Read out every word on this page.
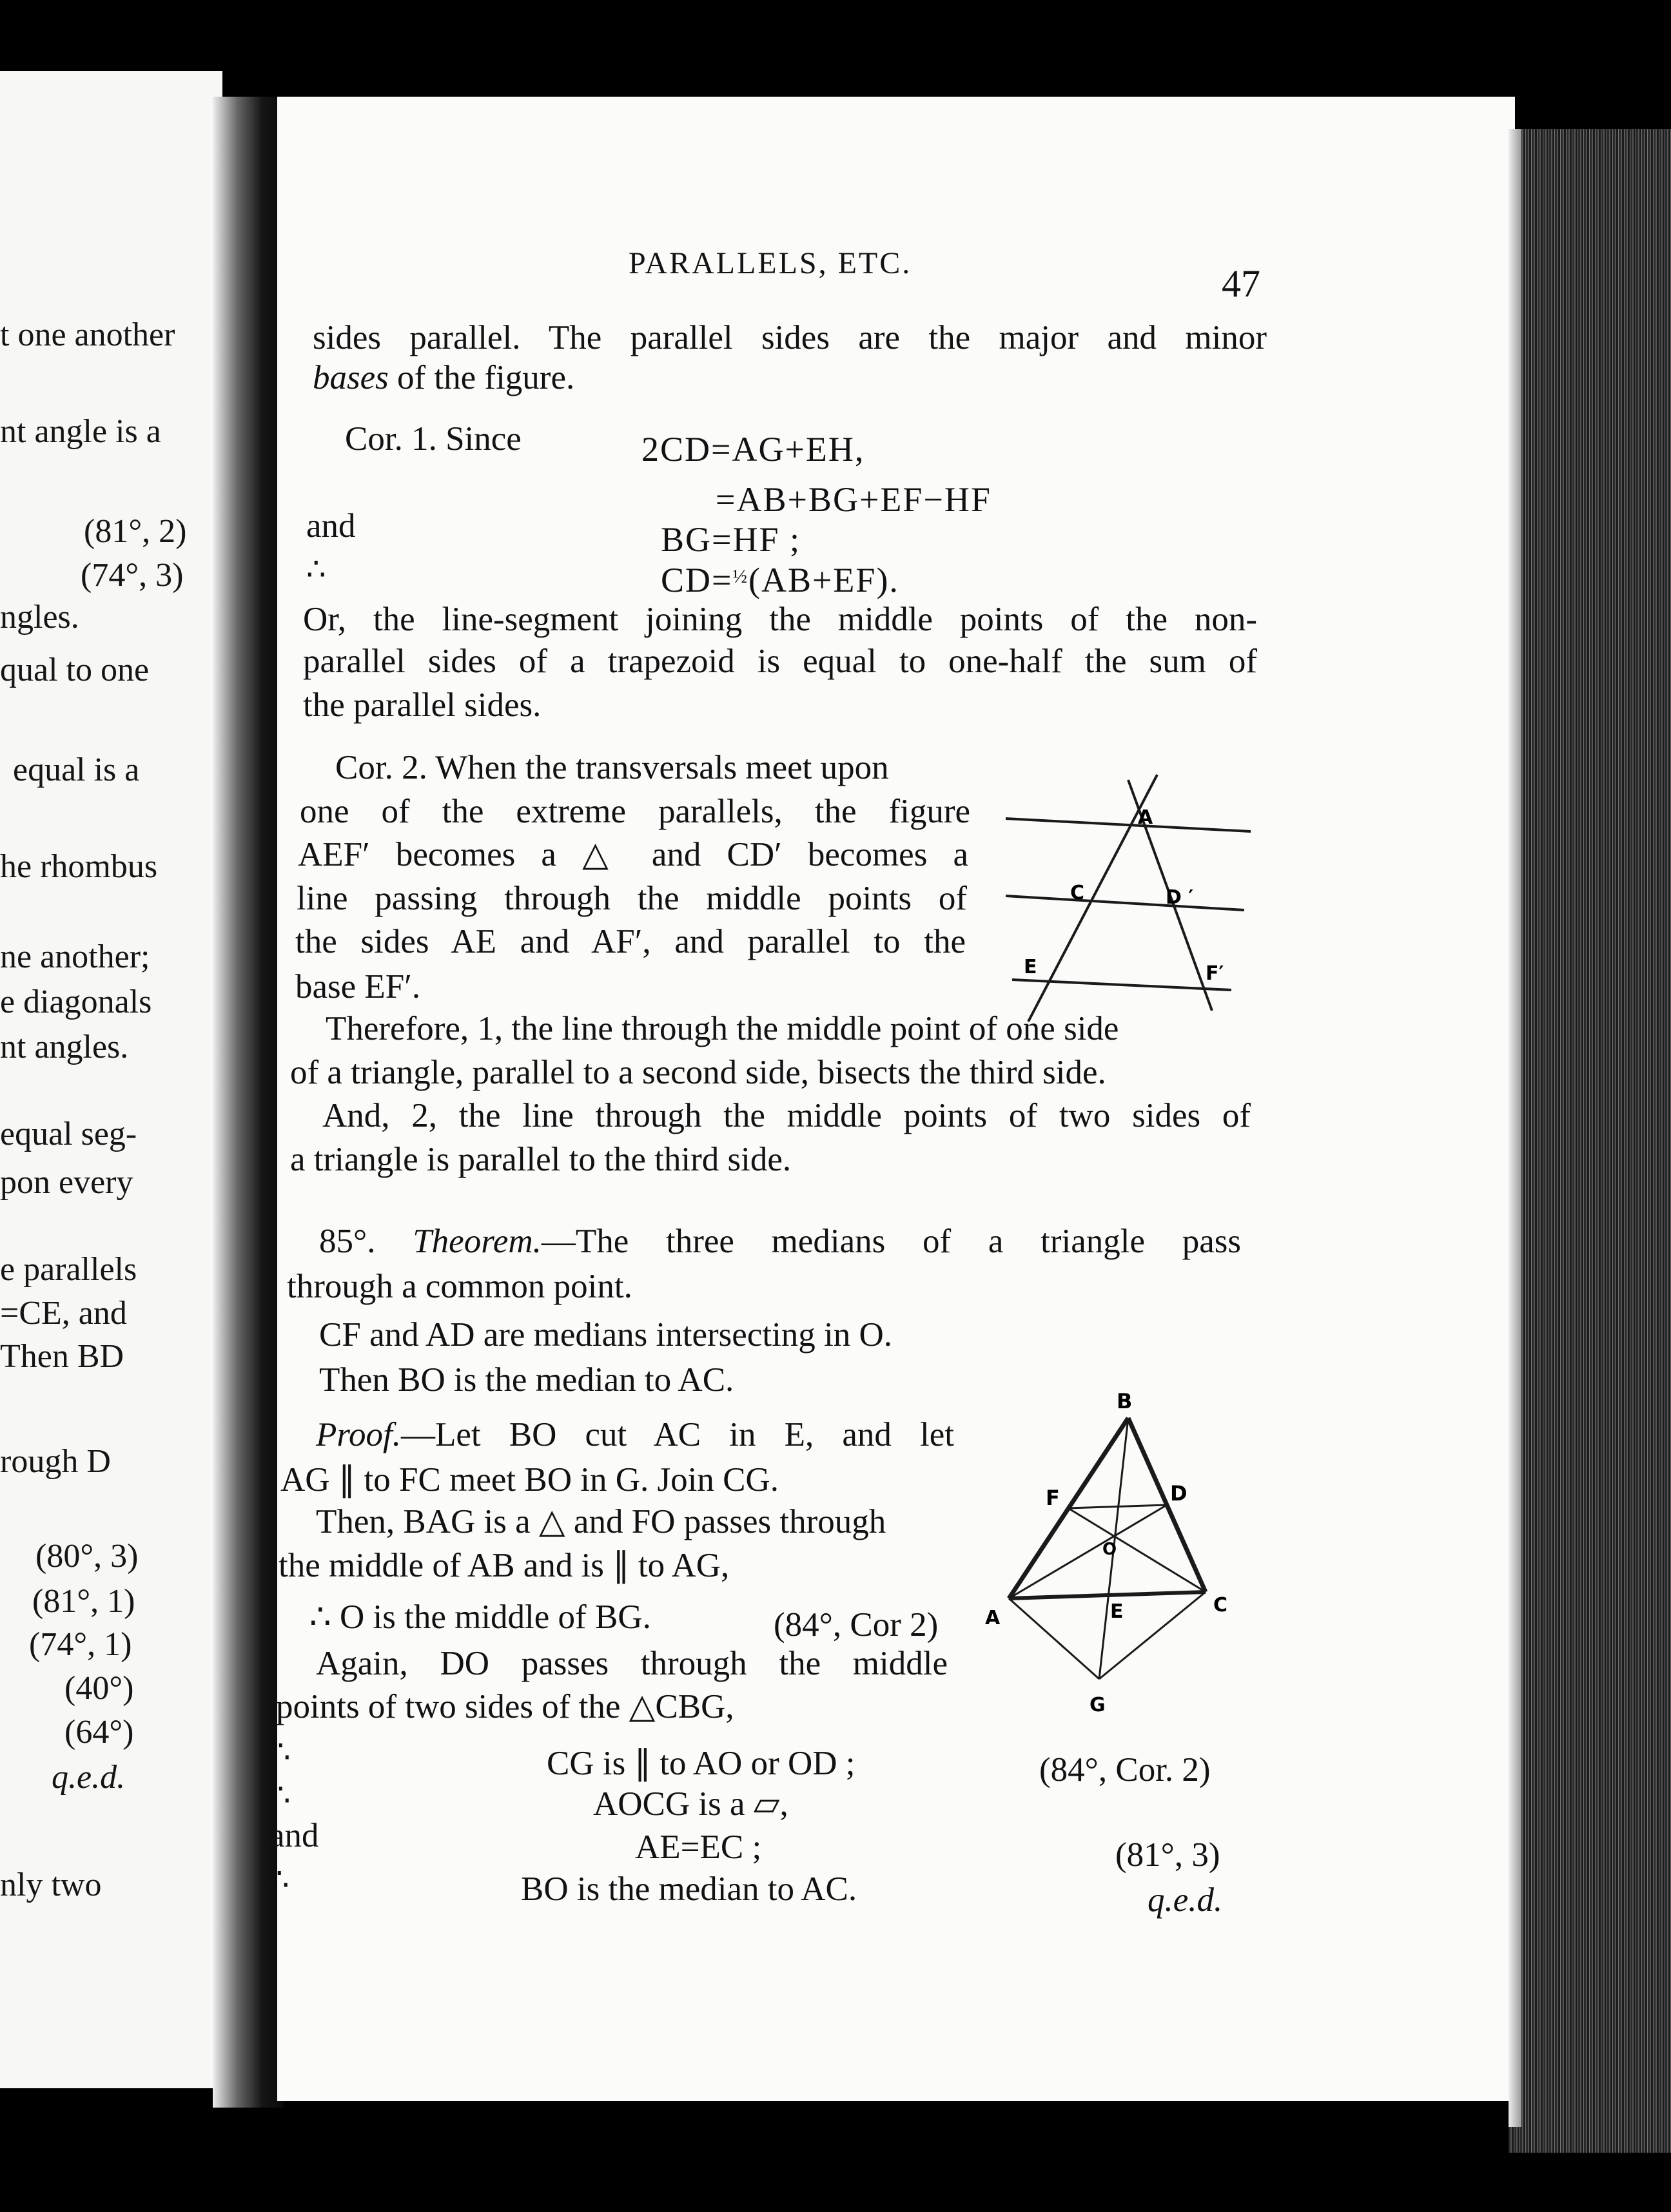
t one another
nt angle is a
(81°, 2)
(74°, 3)
ngles.
qual to one
equal is a
he rhombus
ne another;
e diagonals
nt angles.
equal seg-
pon every
e parallels
=CE, and
Then BD
rough D
(80°, 3)
(81°, 1)
(74°, 1)
(40°)
(64°)
q.e.d.
nly two
PARALLELS, ETC.	47
sides parallel. The parallel sides are the major and minor
bases of the figure.
Cor. 1. Since	2CD=AG+EH,
=AB+BG+EF−HF
and	BG=HF ;
∴	CD=$^{\frac{1}{2}}$(AB+EF).
Or, the line-segment joining the middle points of the non-
parallel sides of a trapezoid is equal to one-half the sum of
the parallel sides.
Cor. 2. When the transversals meet upon
one of the extreme parallels, the figure
AEF′ becomes a △ and CD′ becomes a
line passing through the middle points of
the sides AE and AF′, and parallel to the
base EF′.
A
C	D ′
E	F′
Therefore, 1, the line through the middle point of one side
of a triangle, parallel to a second side, bisects the third side.
And, 2, the line through the middle points of two sides of
a triangle is parallel to the third side.
85°. Theorem.—The three medians of a triangle pass
through a common point.
CF and AD are medians intersecting in O.
Then BO is the median to AC.
Proof.—Let BO cut AC in E, and let
AG ∥ to FC meet BO in G. Join CG.
Then, BAG is a △ and FO passes through
the middle of AB and is ∥ to AG,
∴ O is the middle of BG.	(84°, Cor 2)
Again, DO passes through the middle
points of two sides of the △CBG,
B
F	D
O
A	E	C
G
∴	CG is ∥ to AO or OD ;	(84°, Cor. 2)
∴	AOCG is a ▱,
and	AE=EC ;	(81°, 3)
∴	BO is the median to AC.	q.e.d.
